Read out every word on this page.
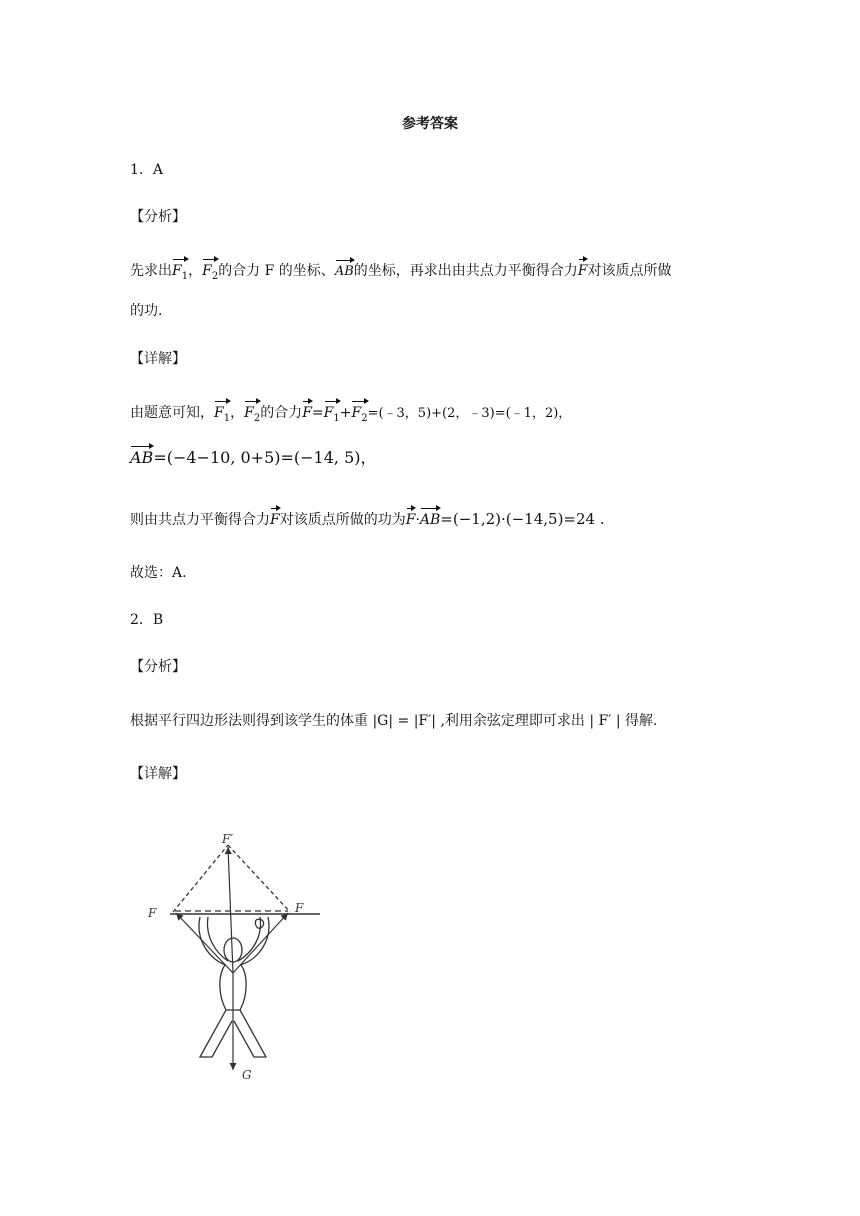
参考答案
1．A
【分析】
先求出$F_1$，$F_2$的合力 F 的坐标、AB的坐标，再求出由共点力平衡得合力F对该质点所做
的功.
【详解】
由题意可知，$F_1$，$F_2$的合力$F=F_1+F_2=(﹣3$，5)+(2，﹣3)=(﹣1，2)，
AB=(−4−10, 0+5)=(−14, 5)，
则由共点力平衡得合力F对该质点所做的功为F·AB=(−1,2)·(−14,5)=24 .
故选：A.
2．B
【分析】
根据平行四边形法则得到该学生的体重 |G| = |F′| ,利用余弦定理即可求出 | F′ | 得解.
【详解】
F′
F	F
G
